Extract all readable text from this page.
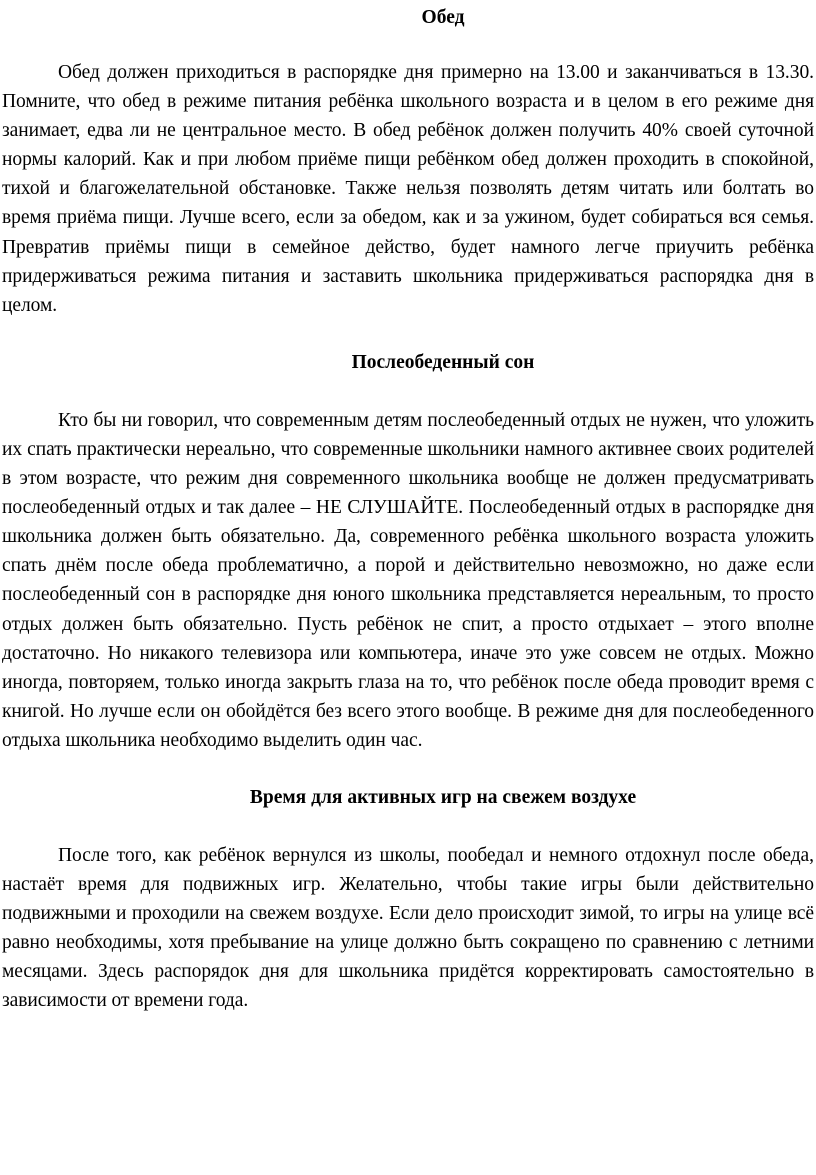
Обед

Обед должен приходиться в распорядке дня примерно на 13.00 и заканчиваться в 13.30. Помните, что обед в режиме питания ребёнка школьного возраста и в целом в его режиме дня занимает, едва ли не центральное место. В обед ребёнок должен получить 40% своей суточной нормы калорий. Как и при любом приёме пищи ребёнком обед должен проходить в спокойной, тихой и благожелательной обстановке. Также нельзя позволять детям читать или болтать во время приёма пищи. Лучше всего, если за обедом, как и за ужином, будет собираться вся семья. Превратив приёмы пищи в семейное действо, будет намного легче приучить ребёнка придерживаться режима питания и заставить школьника придерживаться распорядка дня в целом.

Послеобеденный сон

Кто бы ни говорил, что современным детям послеобеденный отдых не нужен, что уложить их спать практически нереально, что современные школьники намного активнее своих родителей в этом возрасте, что режим дня современного школьника вообще не должен предусматривать послеобеденный отдых и так далее – НЕ СЛУШАЙТЕ. Послеобеденный отдых в распорядке дня школьника должен быть обязательно. Да, современного ребёнка школьного возраста уложить спать днём после обеда проблематично, а порой и действительно невозможно, но даже если послеобеденный сон в распорядке дня юного школьника представляется нереальным, то просто отдых должен быть обязательно. Пусть ребёнок не спит, а просто отдыхает – этого вполне достаточно. Но никакого телевизора или компьютера, иначе это уже совсем не отдых. Можно иногда, повторяем, только иногда закрыть глаза на то, что ребёнок после обеда проводит время с книгой. Но лучше если он обойдётся без всего этого вообще. В режиме дня для послеобеденного отдыха школьника необходимо выделить один час.

Время для активных игр на свежем воздухе

После того, как ребёнок вернулся из школы, пообедал и немного отдохнул после обеда, настаёт время для подвижных игр. Желательно, чтобы такие игры были действительно подвижными и проходили на свежем воздухе. Если дело происходит зимой, то игры на улице всё равно необходимы, хотя пребывание на улице должно быть сокращено по сравнению с летними месяцами. Здесь распорядок дня для школьника придётся корректировать самостоятельно в зависимости от времени года.
